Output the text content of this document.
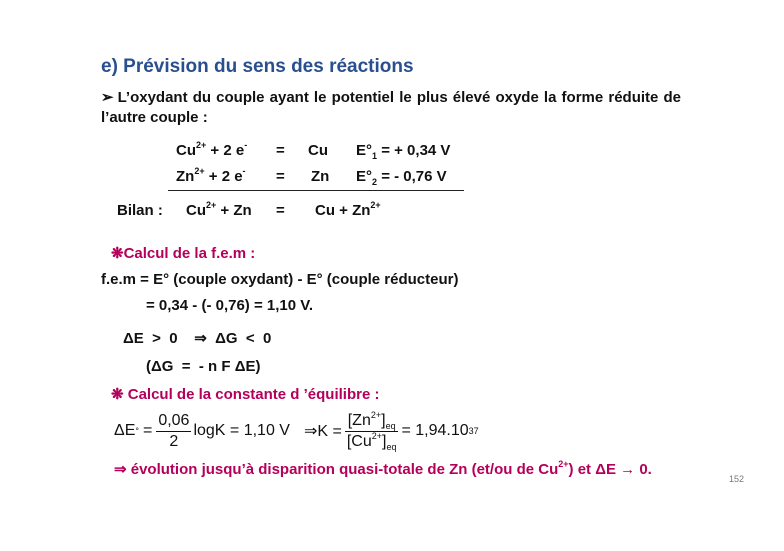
e) Prévision du sens des réactions
➢ L’oxydant du couple ayant le potentiel le plus élevé oxyde la forme réduite de l’autre couple :
$Cu^{2+} + 2$ e- = Cu $E^\circ_1$ = + 0,34 V
$Zn^{2+} + 2$ e- = Zn $E^\circ_2$ = - 0,76 V
Bilan : $Cu^{2+} + Zn = Cu + Zn^{2+}$
❋Calcul de la f.e.m :
f.e.m = E° (couple oxydant) - E° (couple réducteur)
= 0,34 - (- 0,76) = 1,10 V.
ΔE  >  0    ⇒  ΔG  <  0
(ΔG  =  - n F ΔE)
❋ Calcul de la constante d ’équilibre :
ΔE ° = $\frac{0,06}{2}$ logK = 1,10 V ⇒K = $\frac{[Zn^{2+}]_{eq}}{[Cu^{2+}]_{eq}} = 1,94.10$ 37
⇒ évolution jusqu’à disparition quasi-totale de Zn (et/ou de $Cu^{2+}$) et ΔE → 0.
152
